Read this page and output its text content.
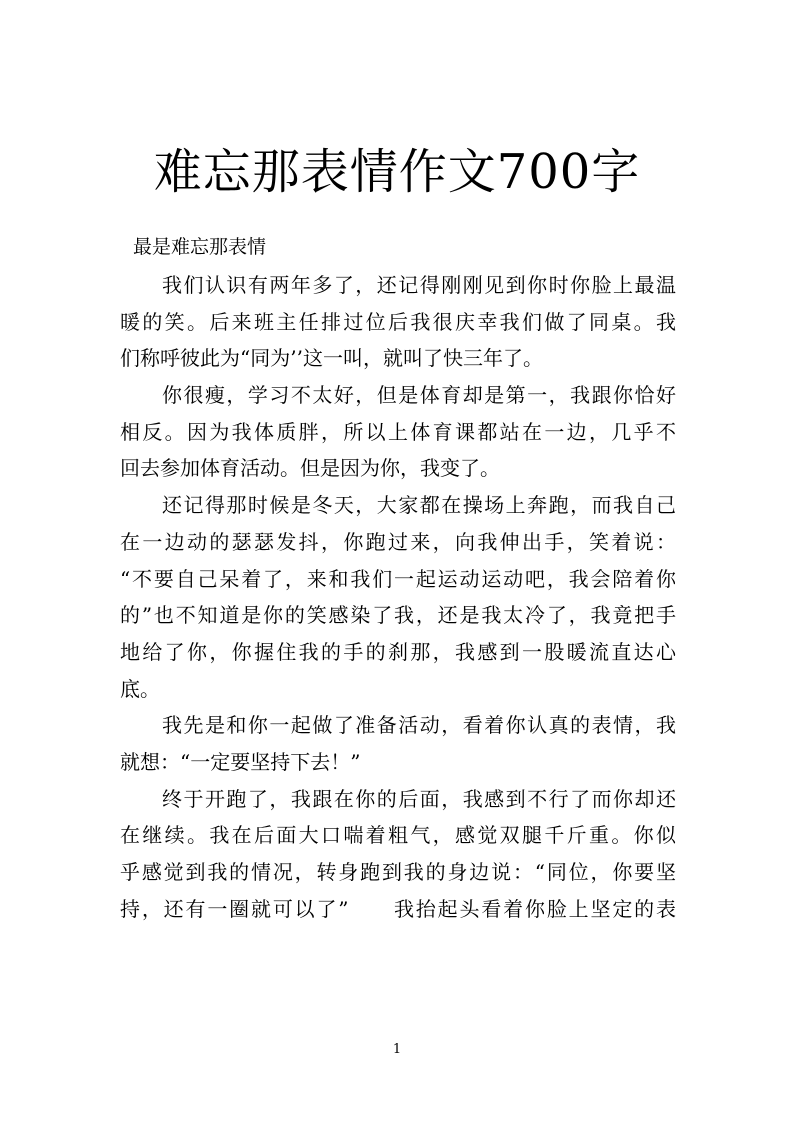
难忘那表情作文700字
最是难忘那表情
我们认识有两年多了，还记得刚刚见到你时你脸上最温
暖的笑。后来班主任排过位后我很庆幸我们做了同桌。我
们称呼彼此为“同为’’这一叫，就叫了快三年了。
你很瘦，学习不太好，但是体育却是第一，我跟你恰好
相反。因为我体质胖，所以上体育课都站在一边，几乎不
回去参加体育活动。但是因为你，我变了。
还记得那时候是冬天，大家都在操场上奔跑，而我自己
在一边动的瑟瑟发抖，你跑过来，向我伸出手，笑着说：
“不要自己呆着了，来和我们一起运动运动吧，我会陪着你
的”也不知道是你的笑感染了我，还是我太冷了，我竟把手
地给了你，你握住我的手的刹那，我感到一股暖流直达心
底。
我先是和你一起做了准备活动，看着你认真的表情，我
就想：“一定要坚持下去！”
终于开跑了，我跟在你的后面，我感到不行了而你却还
在继续。我在后面大口喘着粗气，感觉双腿千斤重。你似
乎感觉到我的情况，转身跑到我的身边说：“同位，你要坚
持，还有一圈就可以了”　　我抬起头看着你脸上坚定的表
1
